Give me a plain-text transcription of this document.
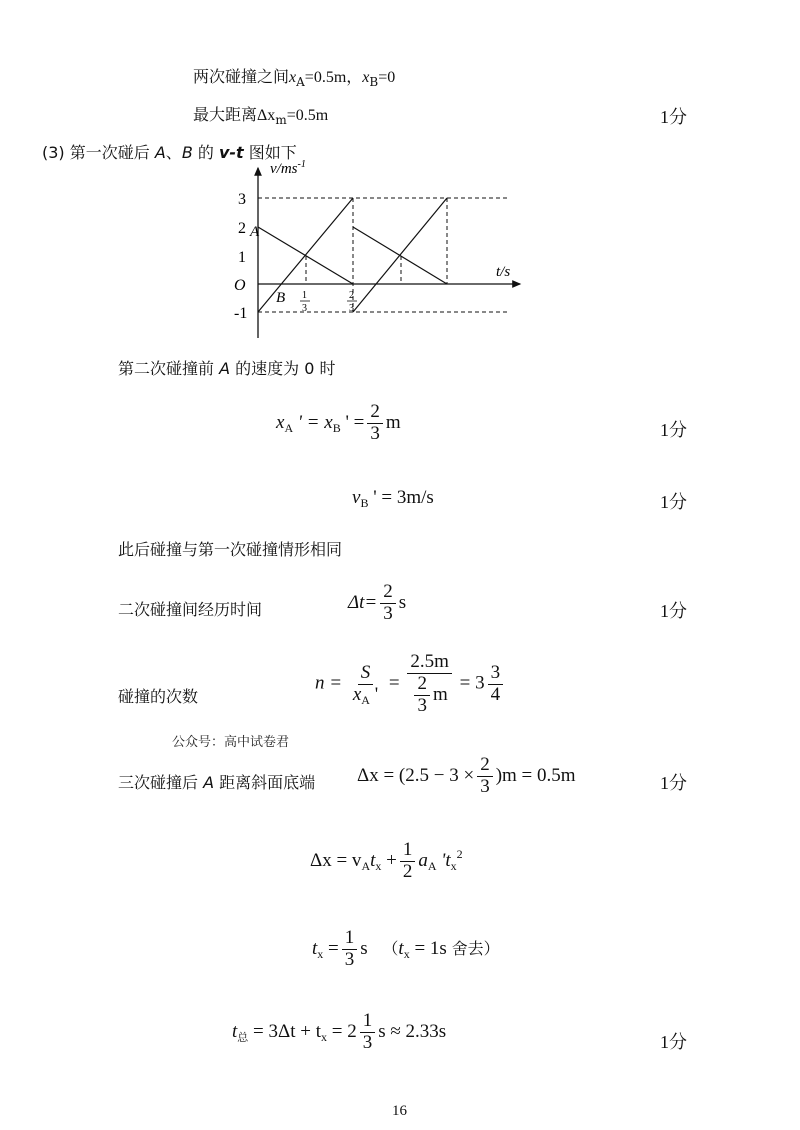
两次碰撞之间$x_A=0.5m$，$x_B=0$
最大距离$\Delta x_m=0.5m$	1分
(3) 第一次碰后 A、B 的 v-t 图如下
$v/ms^{-1}$
t/s
O
3
2
1
-1
A
B 1
3
2
3
第二次碰撞前 A 的速度为 0 时
$x_A$ ' = $x_B$ ' = $\frac{2}{3}$ m	1分
$v_B$ ' = 3m/s	1分
此后碰撞与第一次碰撞情形相同
二次碰撞间经历时间	$\Delta t= \frac{2}{3}$ s	1分
碰撞的次数
$n = \frac{S}{x_A '} = \frac{2.5m}{\frac{2}{3} m} = 3 \frac{3}{4}$
公众号：高中试卷君
三次碰撞后 A 距离斜面底端 $\Delta x = (2.5 - 3 \times \frac{2}{3} )m = 0.5m$	1分
$\Delta x = v_At_x + \frac{1}{2} a_A$ '$t_x^2$
$t_x = \frac{1}{3}$ s （$t_x = 1s$ 舍去）
$t_总 = 3\Delta t + t_x = 2 \frac{1}{3}$ s ≈ 2.33s
1分
16
